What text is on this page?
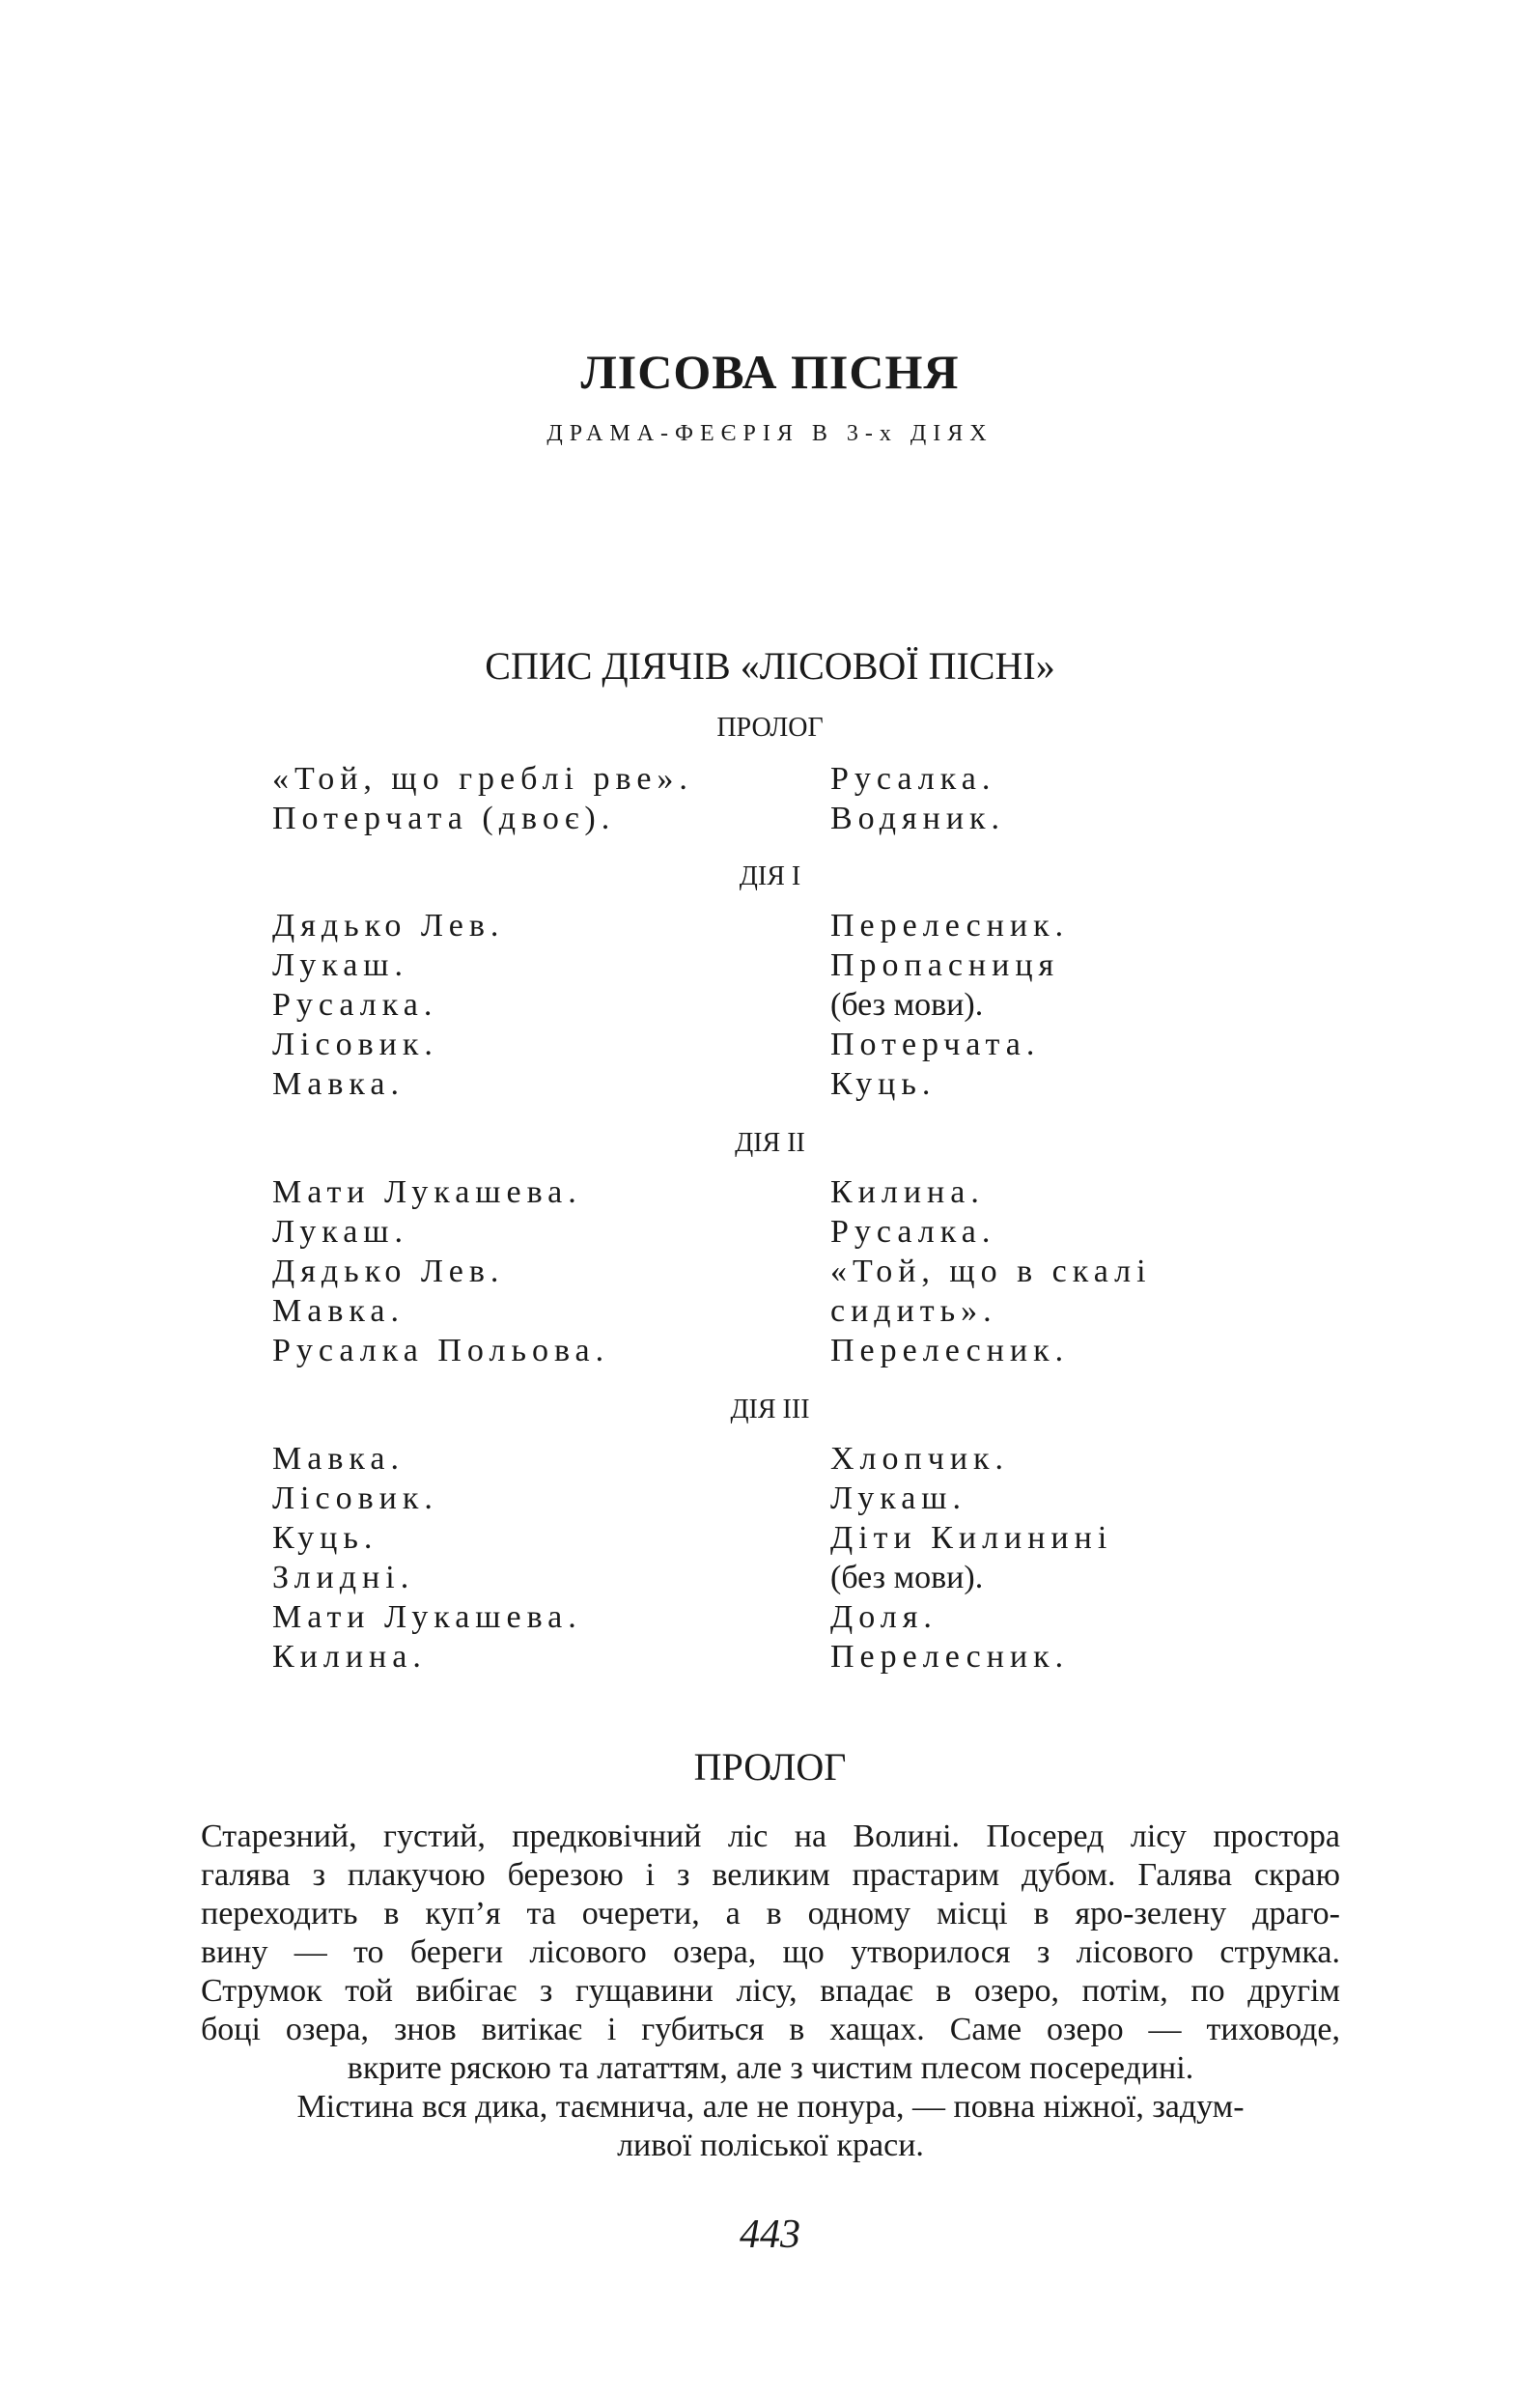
ЛІСОВА ПІСНЯ

ДРАМА-ФЕЄРІЯ В 3-х ДІЯХ

СПИС ДІЯЧІВ «ЛІСОВОЇ ПІСНІ»

ПРОЛОГ

«Той, що греблі рве».
Потерчата (двоє).
Русалка.
Водяник.

ДІЯ І

Дядько Лев.
Лукаш.
Русалка.
Лісовик.
Мавка.
Перелесник.
Пропасниця
(без мови).
Потерчата.
Куць.

ДІЯ ІІ

Мати Лукашева.
Лукаш.
Дядько Лев.
Мавка.
Русалка Польова.
Килина.
Русалка.
«Той, що в скалі
сидить».
Перелесник.

ДІЯ ІІІ

Мавка.
Лісовик.
Куць.
Злидні.
Мати Лукашева.
Килина.
Хлопчик.
Лукаш.
Діти Килинині
(без мови).
Доля.
Перелесник.
ПРОЛОГ
Старезний, густий, предковічний ліс на Волині. Посеред лісу простора
галява з плакучою березою і з великим прастарим дубом. Галява скраю
переходить в куп’я та очерети, а в одному місці в яро-зелену драго-
вину — то береги лісового озера, що утворилося з лісового струмка.
Струмок той вибігає з гущавини лісу, впадає в озеро, потім, по другім
боці озера, знов витікає і губиться в хащах. Саме озеро — тиховоде,
вкрите ряскою та лататтям, але з чистим плесом посередині.
Містина вся дика, таємнича, але не понура, — повна ніжної, задум-
ливої поліської краси.

443
